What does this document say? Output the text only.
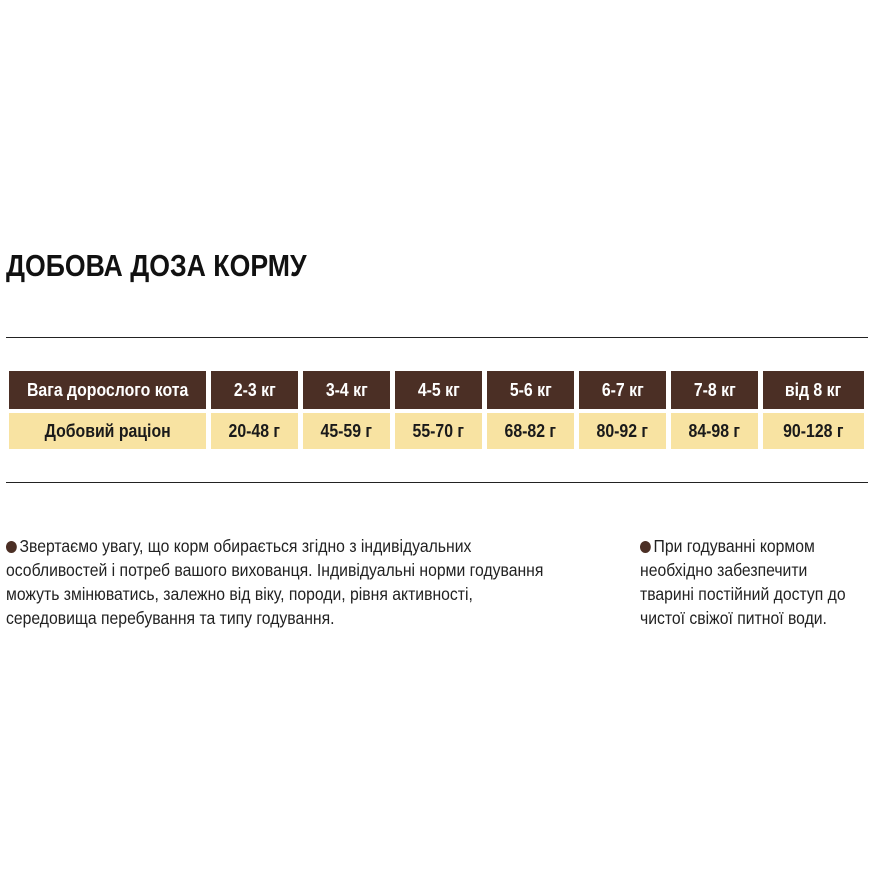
ДОБОВА ДОЗА КОРМУ
Вага дорослого кота	2-3 кг	3-4 кг	4-5 кг	5-6 кг	6-7 кг	7-8 кг	від 8 кг
Добовий раціон	20-48 г 45-59 г 55-70 г 68-82 г 80-92 г 84-98 г 90-128 г
Звертаємо увагу, що корм обирається згідно з індивідуальних
особливостей і потреб вашого вихованця. Індивідуальні норми годування
можуть змінюватись, залежно від віку, породи, рівня активності,
середовища перебування та типу годування.
При годуванні кормом
необхідно забезпечити
тварині постійний доступ до
чистої свіжої питної води.
